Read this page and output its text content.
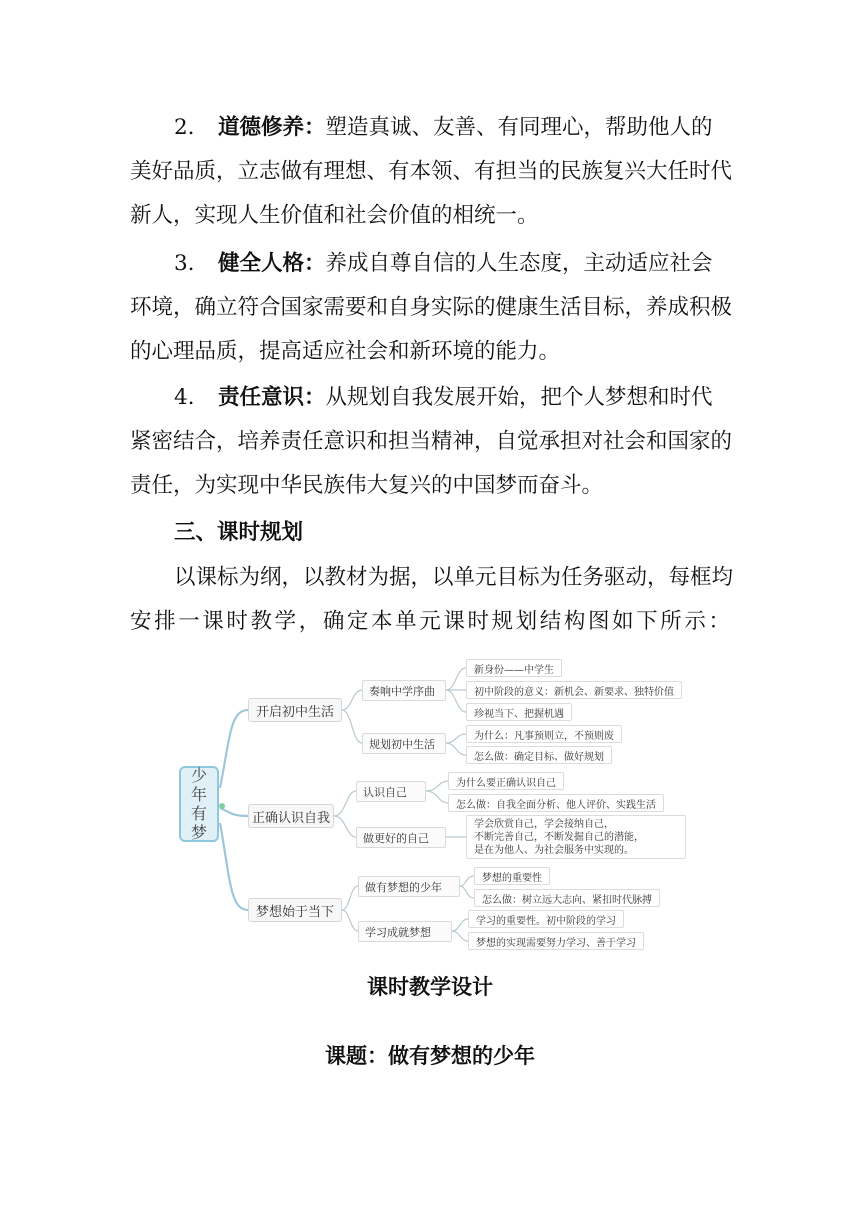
2. 道德修养：塑造真诚、友善、有同理心，帮助他人的
美好品质，立志做有理想、有本领、有担当的民族复兴大任时代
新人，实现人生价值和社会价值的相统一。
3. 健全人格：养成自尊自信的人生态度，主动适应社会
环境，确立符合国家需要和自身实际的健康生活目标，养成积极
的心理品质，提高适应社会和新环境的能力。
4. 责任意识：从规划自我发展开始，把个人梦想和时代
紧密结合，培养责任意识和担当精神，自觉承担对社会和国家的
责任，为实现中华民族伟大复兴的中国梦而奋斗。
三、课时规划
以课标为纲，以教材为据，以单元目标为任务驱动，每框均
安排一课时教学，确定本单元课时规划结构图如下所示：
少
年
有
梦
开启初中生活
正确认识自我
梦想始于当下
奏响中学序曲
规划初中生活
认识自己
做更好的自己
做有梦想的少年
学习成就梦想
新身份——中学生
初中阶段的意义：新机会、新要求、独特价值
珍视当下、把握机遇
为什么：凡事预则立，不预则废
怎么做：确定目标、做好规划
为什么要正确认识自己
怎么做：自我全面分析、他人评价、实践生活
学会欣赏自己，学会接纳自己，
不断完善自己，不断发掘自己的潜能，
是在为他人、为社会服务中实现的。
梦想的重要性
怎么做：树立远大志向、紧扣时代脉搏
学习的重要性。初中阶段的学习
梦想的实现需要努力学习、善于学习
课时教学设计
课题：做有梦想的少年
